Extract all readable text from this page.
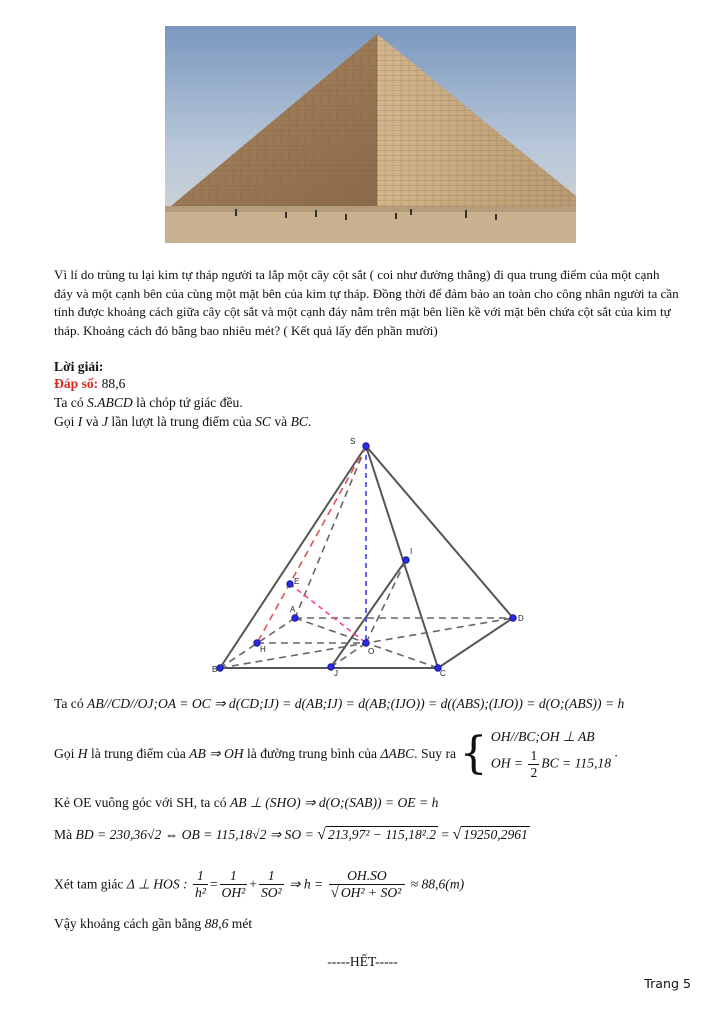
Vì lí do trùng tu lại kim tự tháp người ta lắp một cây cột sắt ( coi như đường thẳng) đi qua trung điểm của một cạnh đáy và một cạnh bên của cùng một mặt bên của kim tự tháp. Đồng thời để đảm bảo an toàn cho công nhân người ta cần tính được khoảng cách giữa cây cột sắt và một cạnh đáy nằm trên mặt bên liền kề với mặt bên chứa cột sắt của kim tự tháp. Khoảng cách đó bằng bao nhiêu mét? ( Kết quả lấy đến phần mười)
Lời giải:
Đáp số: 88,6
Ta có S.ABCD là chóp tứ giác đều.
Gọi I và J lần lượt là trung điểm của SC và BC.
S
I
E
A
D
H	O
B	J	C
Ta có AB//CD//OJ;OA = OC ⇒ d(CD;IJ) = d(AB;IJ) = d(AB;(IJO)) = d((ABS);(IJO)) = d(O;(ABS)) = h
Gọi H là trung điểm của AB ⇒ OH là đường trung bình của ΔABC. Suy ra { OH//BC;OH ⊥ AB
OH = $\frac{1}{2}$ BC = 115,18
.
Kẻ OE vuông góc với SH, ta có AB ⊥ (SHO) ⇒ d(O;(SAB)) = OE = h
Mà BD = 230,36√2 ⇔ OB = 115,18√2 ⇒ SO = √ 213,97² − 115,18².2 = √ 19250,2961
Xét tam giác Δ ⊥ HOS : $\frac{1}{\text{h²}} = \frac{1}{\text{OH²}} + \frac{1}{\text{SO²}}$ ⇒ $h = \frac{OH.SO}{\text{√ OH² + SO²}} \approx 88,6(m)$
Vậy khoảng cách gần bằng 88,6 mét
-----HẾT-----
Trang 5
